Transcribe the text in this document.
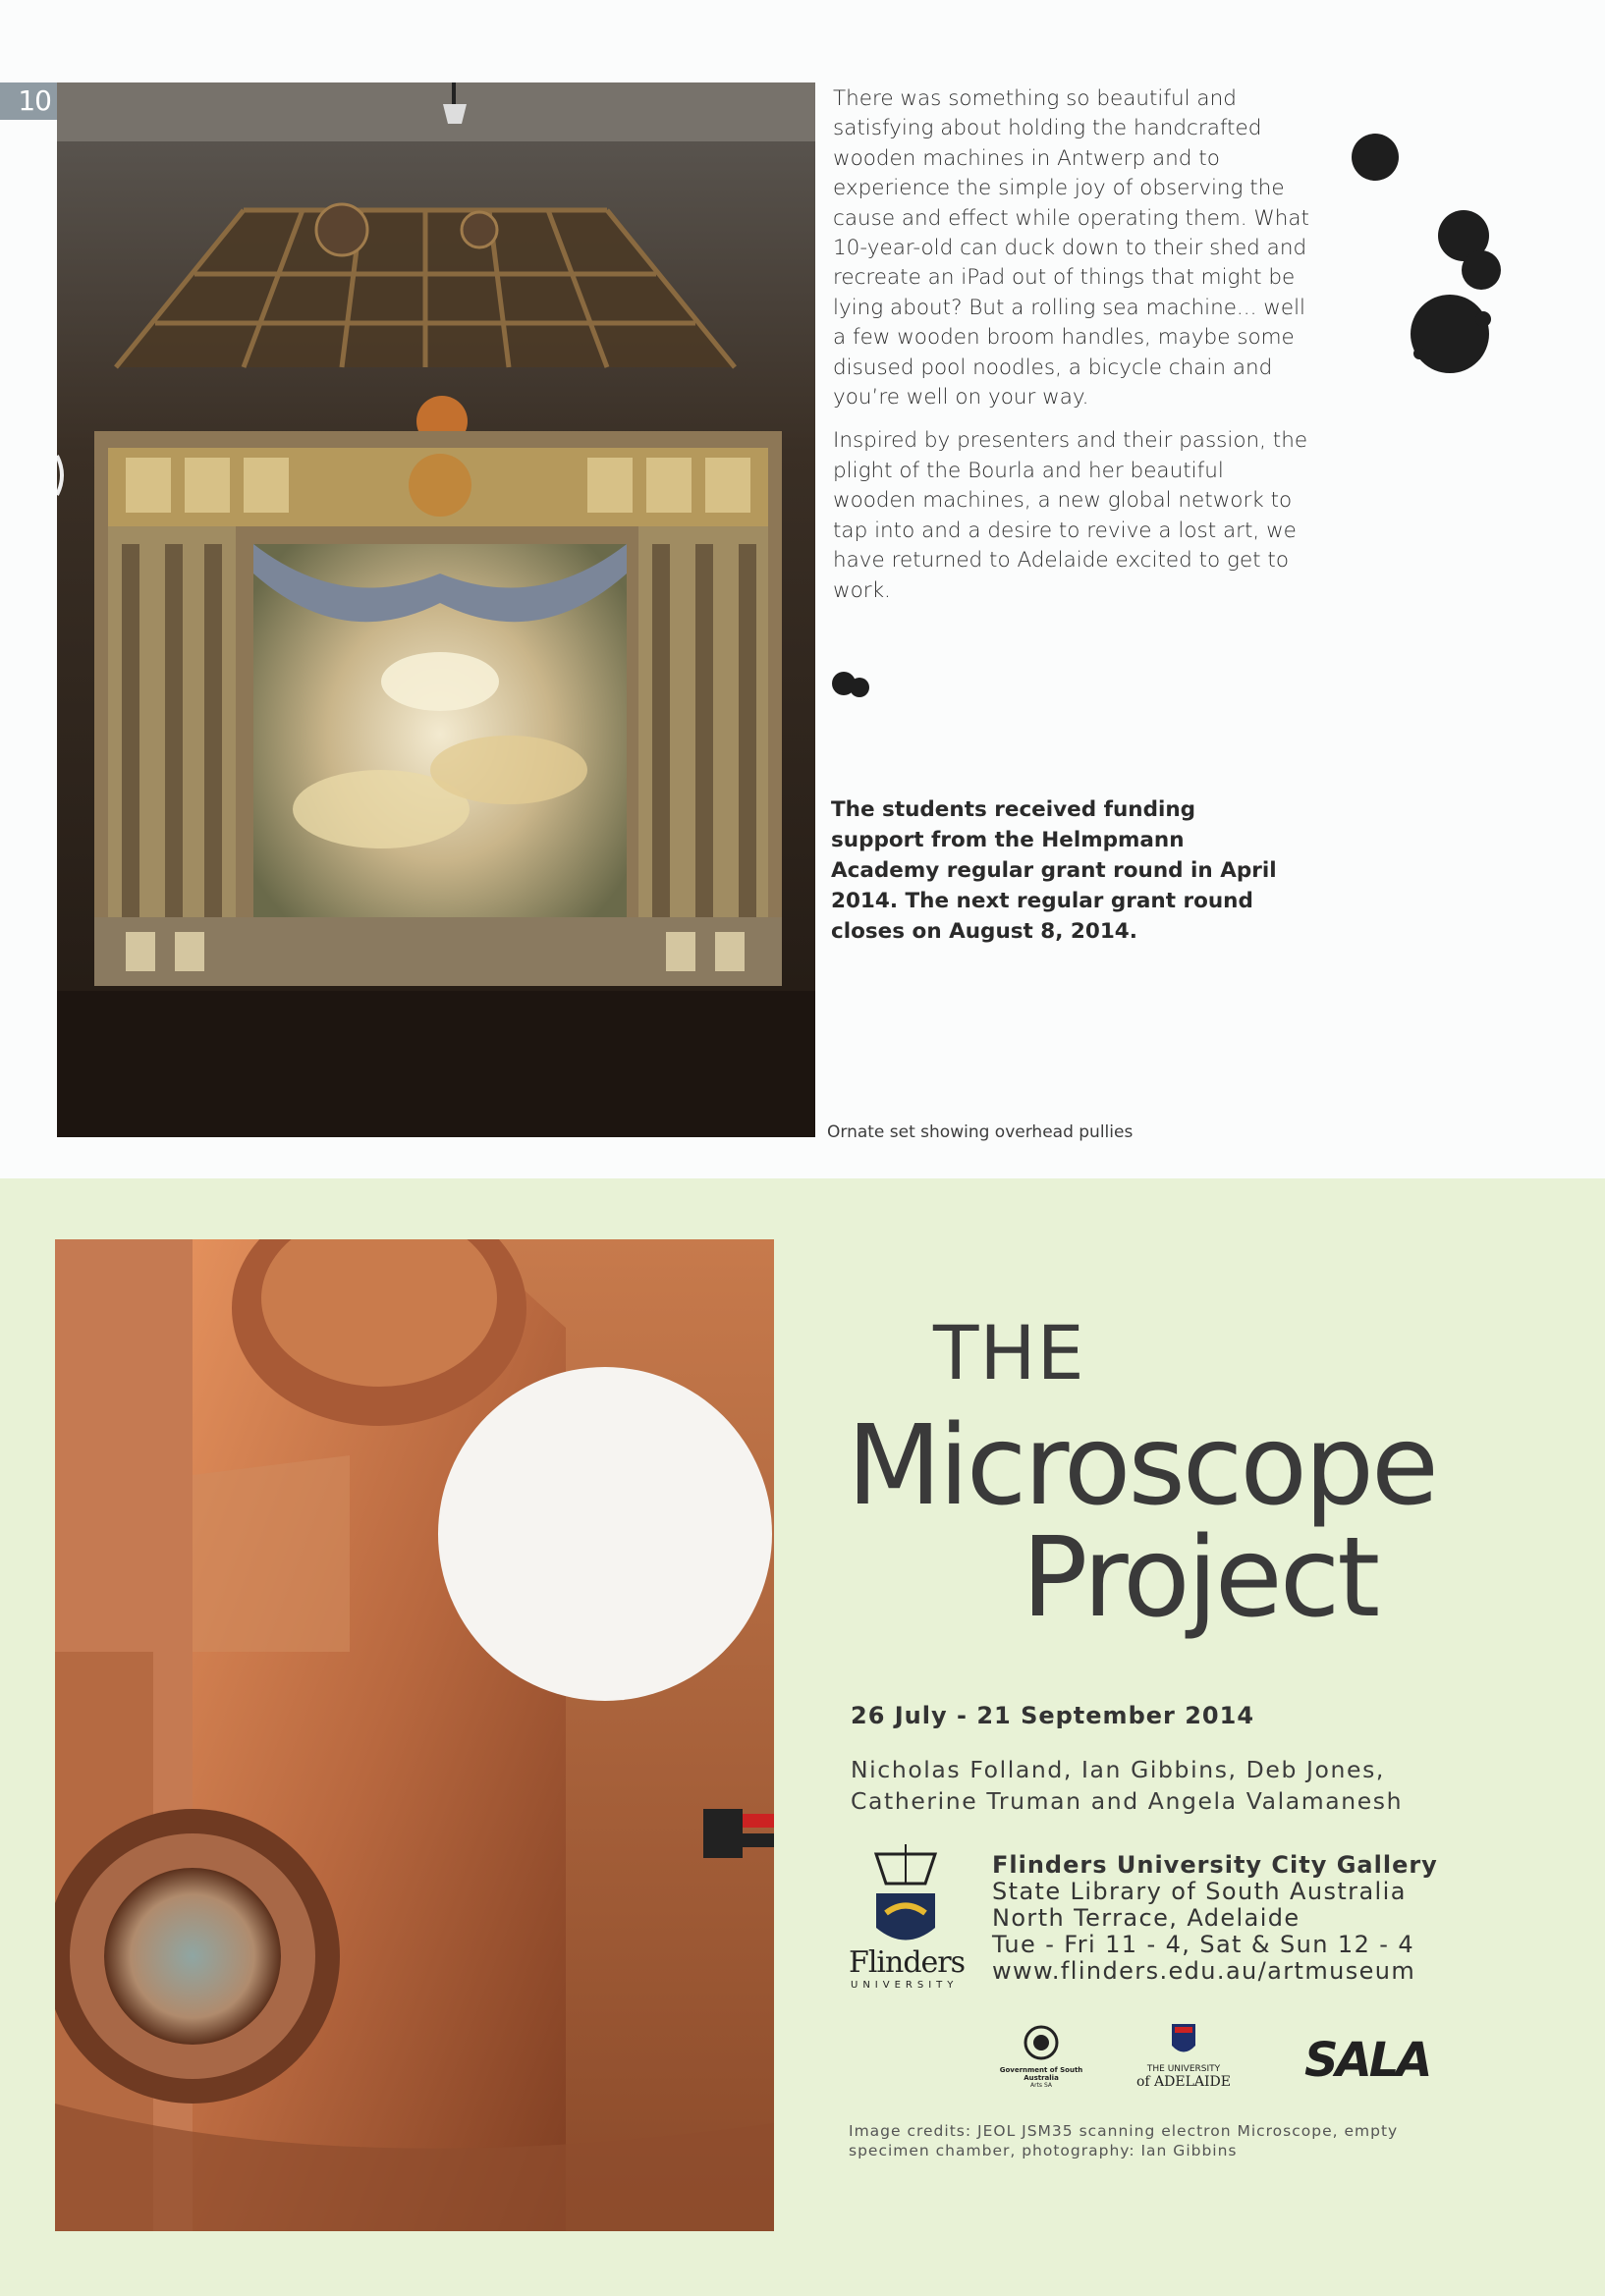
10
Ornate set showing overhead pullies

There was something so beautiful and satisfying about holding the handcrafted wooden machines in Antwerp and to experience the simple joy of observing the cause and effect while operating them. What 10-year-old can duck down to their shed and recreate an iPad out of things that might be lying about? But a rolling sea machine... well a few wooden broom handles, maybe some disused pool noodles, a bicycle chain and you’re well on your way.

Inspired by presenters and their passion, the plight of the Bourla and her beautiful wooden machines, a new global network to tap into and a desire to revive a lost art, we have returned to Adelaide excited to get to work.

The students received funding support from the Helmpmann Academy regular grant round in April 2014. The next regular grant round closes on August 8, 2014.
THE
Microscope
Project
26 July - 21 September 2014
Nicholas Folland, Ian Gibbins, Deb Jones, Catherine Truman and Angela Valamanesh
Flinders
UNIVERSITY
Flinders University City Gallery
State Library of South Australia
North Terrace, Adelaide
Tue - Fri 11 - 4, Sat & Sun 12 - 4
www.flinders.edu.au/artmuseum
Government of South Australia
Arts SA
THE UNIVERSITY
of ADELAIDE SALA
Image credits: JEOL JSM35 scanning electron Microscope, empty specimen chamber, photography: Ian Gibbins
